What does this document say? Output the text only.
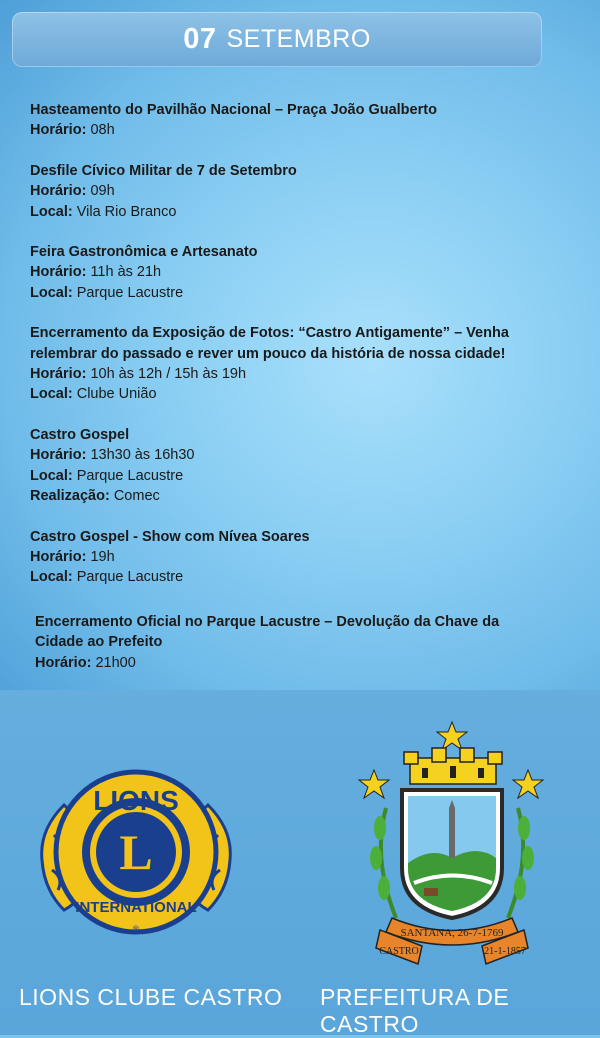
07 SETEMBRO
Hasteamento do Pavilhão Nacional – Praça João Gualberto
Horário: 08h
Desfile Cívico Militar de 7 de Setembro
Horário: 09h
Local: Vila Rio Branco
Feira Gastronômica e Artesanato
Horário: 11h às 21h
Local: Parque Lacustre
Encerramento da Exposição de Fotos: “Castro Antigamente” – Venha
relembrar do passado e rever um pouco da história de nossa cidade!
Horário: 10h às 12h / 15h às 19h
Local: Clube União
Castro Gospel
Horário: 13h30 às 16h30
Local: Parque Lacustre
Realização: Comec
Castro Gospel - Show com Nívea Soares
Horário: 19h
Local: Parque Lacustre
Encerramento Oficial no Parque Lacustre – Devolução da Chave da
Cidade ao Prefeito
Horário: 21h00
LIONS
INTERNATIONAL
L
®	SANTANA, 26-7-1769
CASTRO	21-1-1857
LIONS CLUBE CASTRO PREFEITURA DE CASTRO
